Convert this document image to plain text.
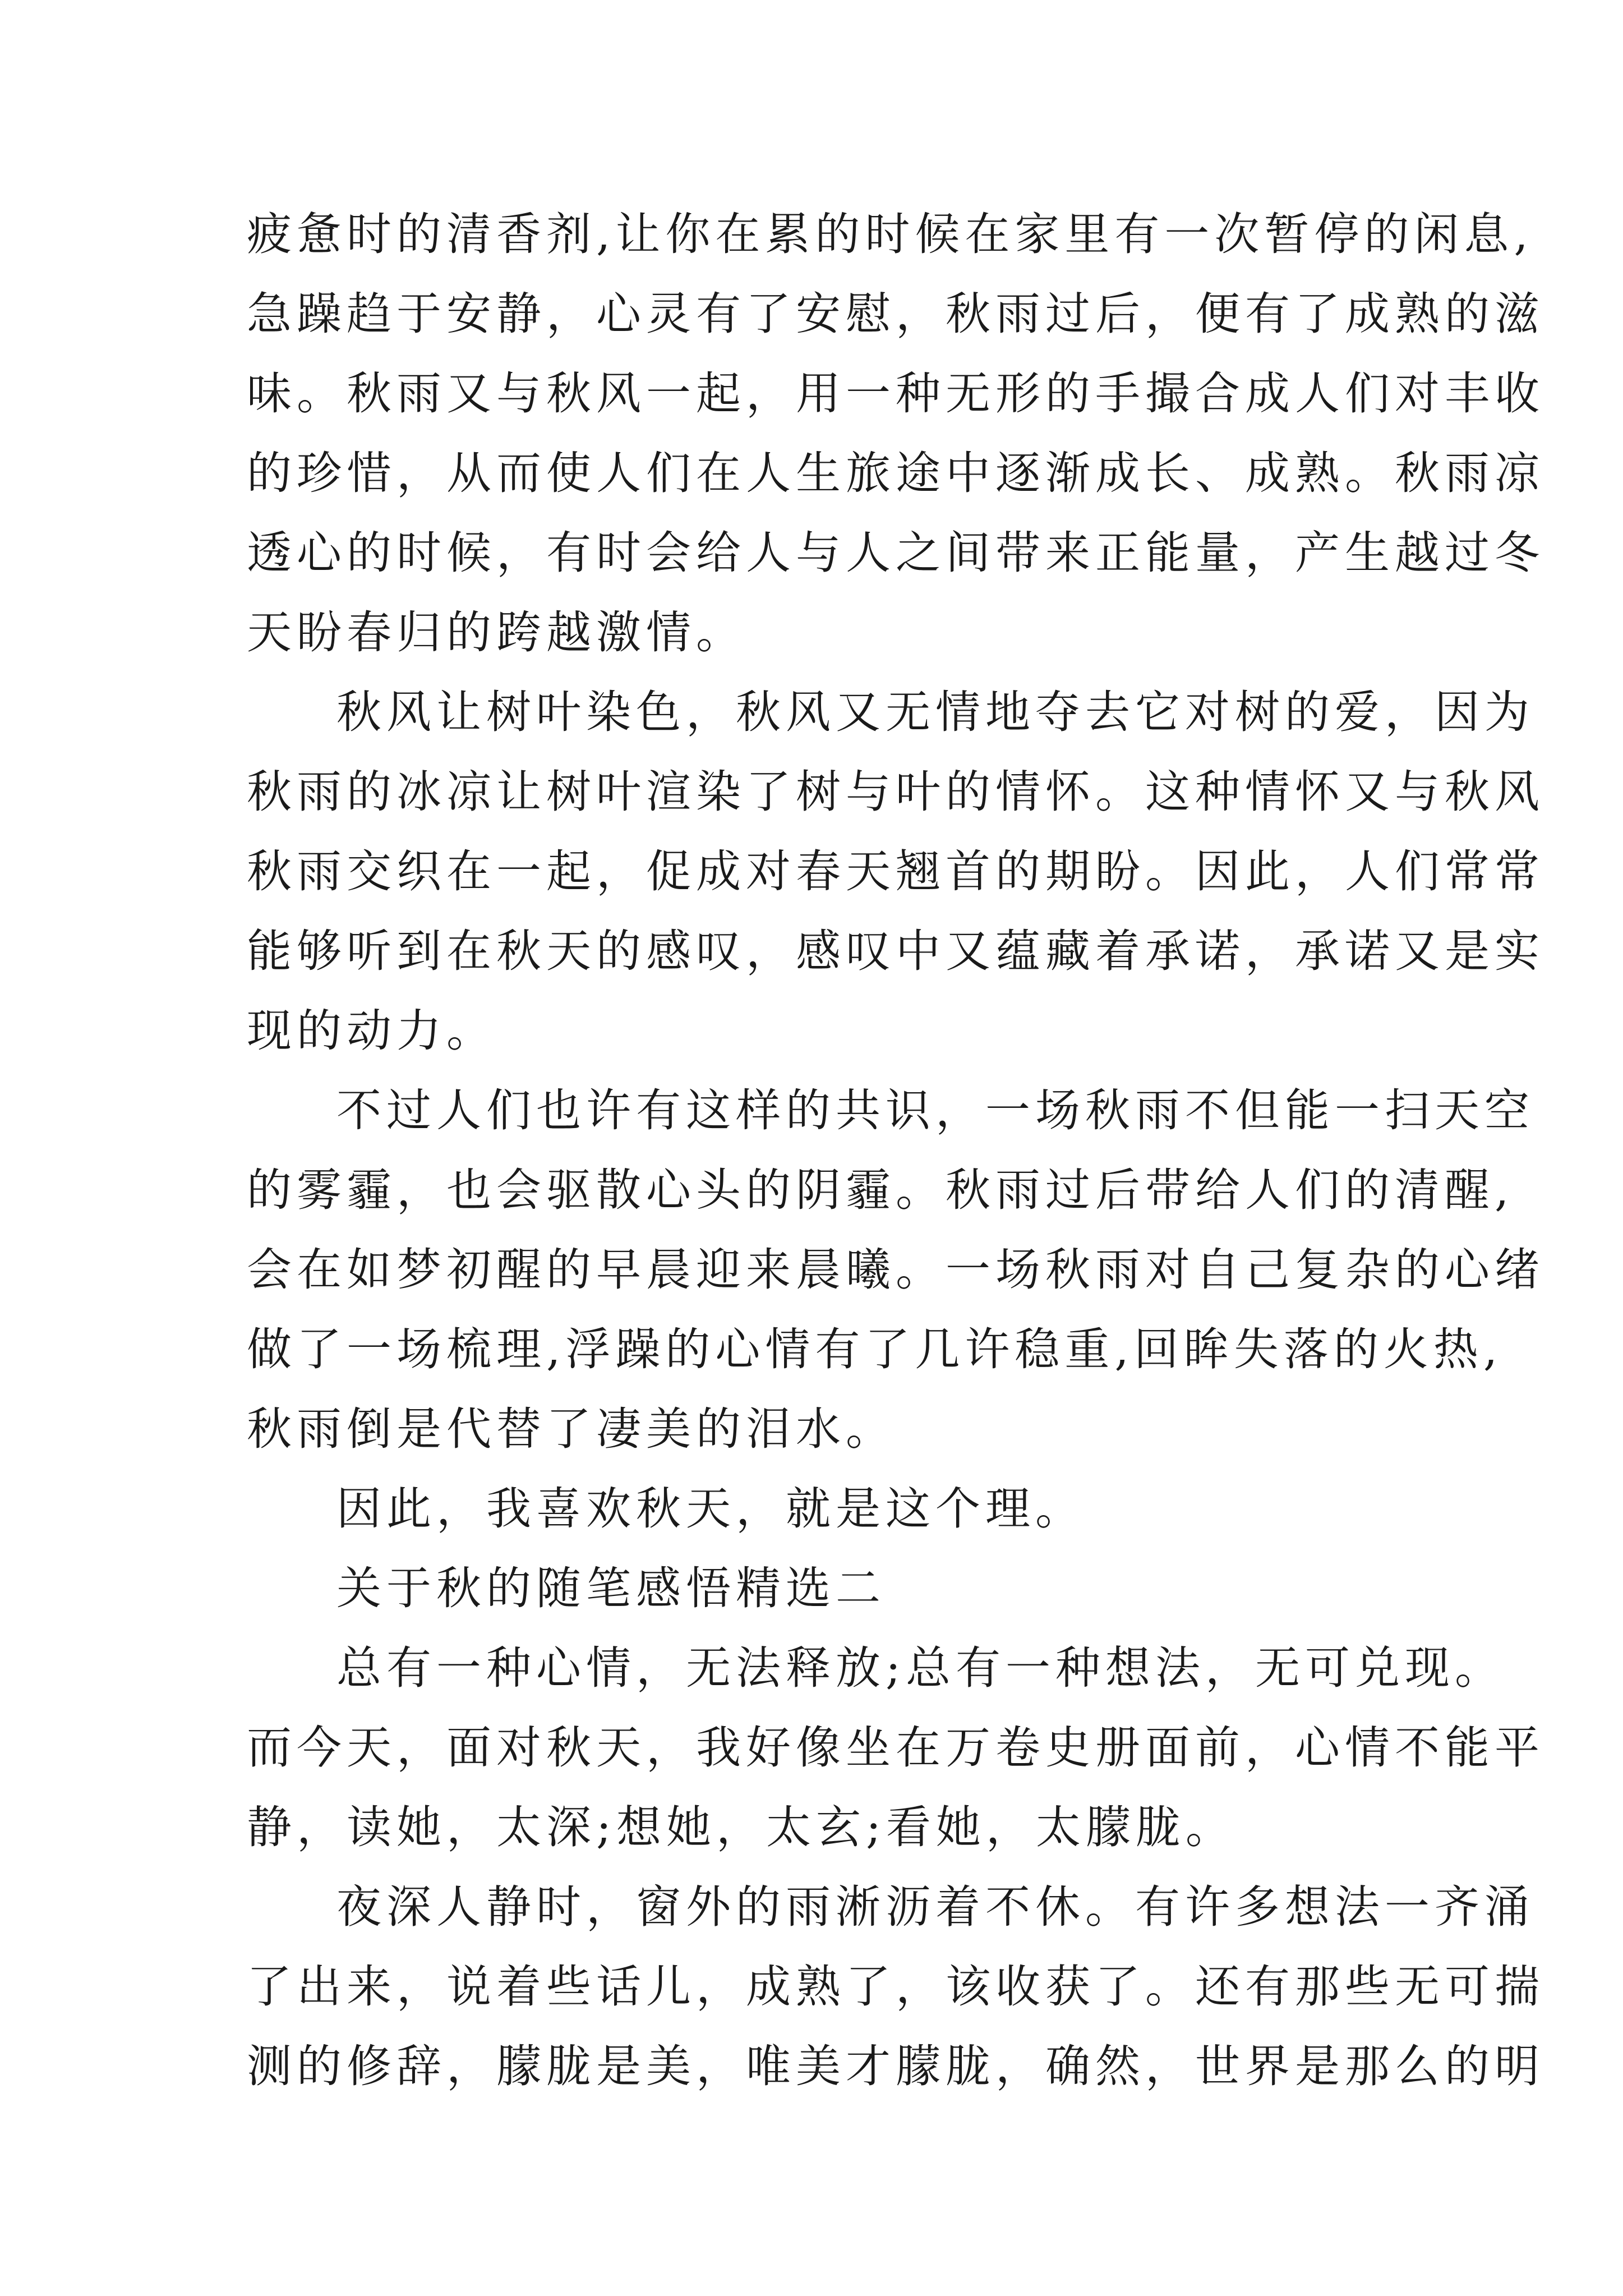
疲惫时的清香剂,让你在累的时候在家里有一次暂停的闲息,
急躁趋于安静，心灵有了安慰，秋雨过后，便有了成熟的滋
味。秋雨又与秋风一起，用一种无形的手撮合成人们对丰收
的珍惜，从而使人们在人生旅途中逐渐成长、成熟。秋雨凉
透心的时候，有时会给人与人之间带来正能量，产生越过冬
天盼春归的跨越激情。
秋风让树叶染色，秋风又无情地夺去它对树的爱，因为
秋雨的冰凉让树叶渲染了树与叶的情怀。这种情怀又与秋风
秋雨交织在一起，促成对春天翘首的期盼。因此，人们常常
能够听到在秋天的感叹，感叹中又蕴藏着承诺，承诺又是实
现的动力。
不过人们也许有这样的共识，一场秋雨不但能一扫天空
的雾霾，也会驱散心头的阴霾。秋雨过后带给人们的清醒,
会在如梦初醒的早晨迎来晨曦。一场秋雨对自己复杂的心绪
做了一场梳理,浮躁的心情有了几许稳重,回眸失落的火热,
秋雨倒是代替了凄美的泪水。
因此，我喜欢秋天，就是这个理。
关于秋的随笔感悟精选二
总有一种心情，无法释放;总有一种想法，无可兑现。
而今天，面对秋天，我好像坐在万卷史册面前，心情不能平
静，读她，太深;想她，太玄;看她，太朦胧。
夜深人静时，窗外的雨淅沥着不休。有许多想法一齐涌
了出来，说着些话儿，成熟了，该收获了。还有那些无可揣
测的修辞，朦胧是美，唯美才朦胧，确然，世界是那么的明
